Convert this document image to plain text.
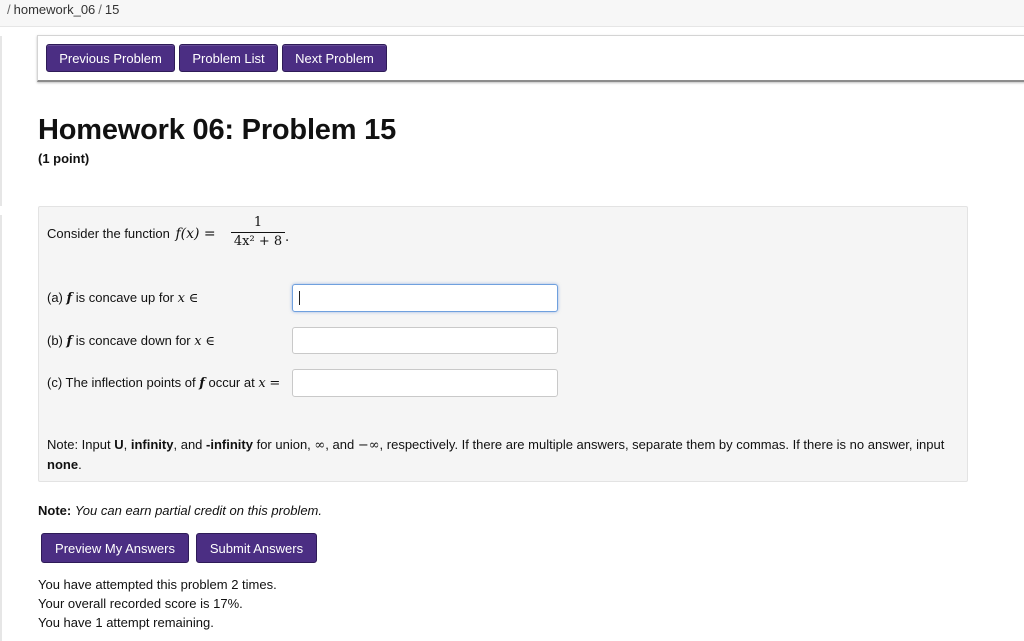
/ homework_06 / 15
Previous Problem	Problem List	Next Problem
Homework 06: Problem 15
(1 point)
Consider the function f(x) =
1
4x² + 8 .
(a) f is concave up for x ∈
(b) f is concave down for x ∈
(c) The inflection points of f occur at x =
Note: Input U, infinity, and -infinity for union, ∞, and −∞, respectively. If there are multiple answers, separate them by commas. If there is no answer, input none.
Note: You can earn partial credit on this problem.
Preview My Answers	Submit Answers
You have attempted this problem 2 times.
Your overall recorded score is 17%.
You have 1 attempt remaining.
